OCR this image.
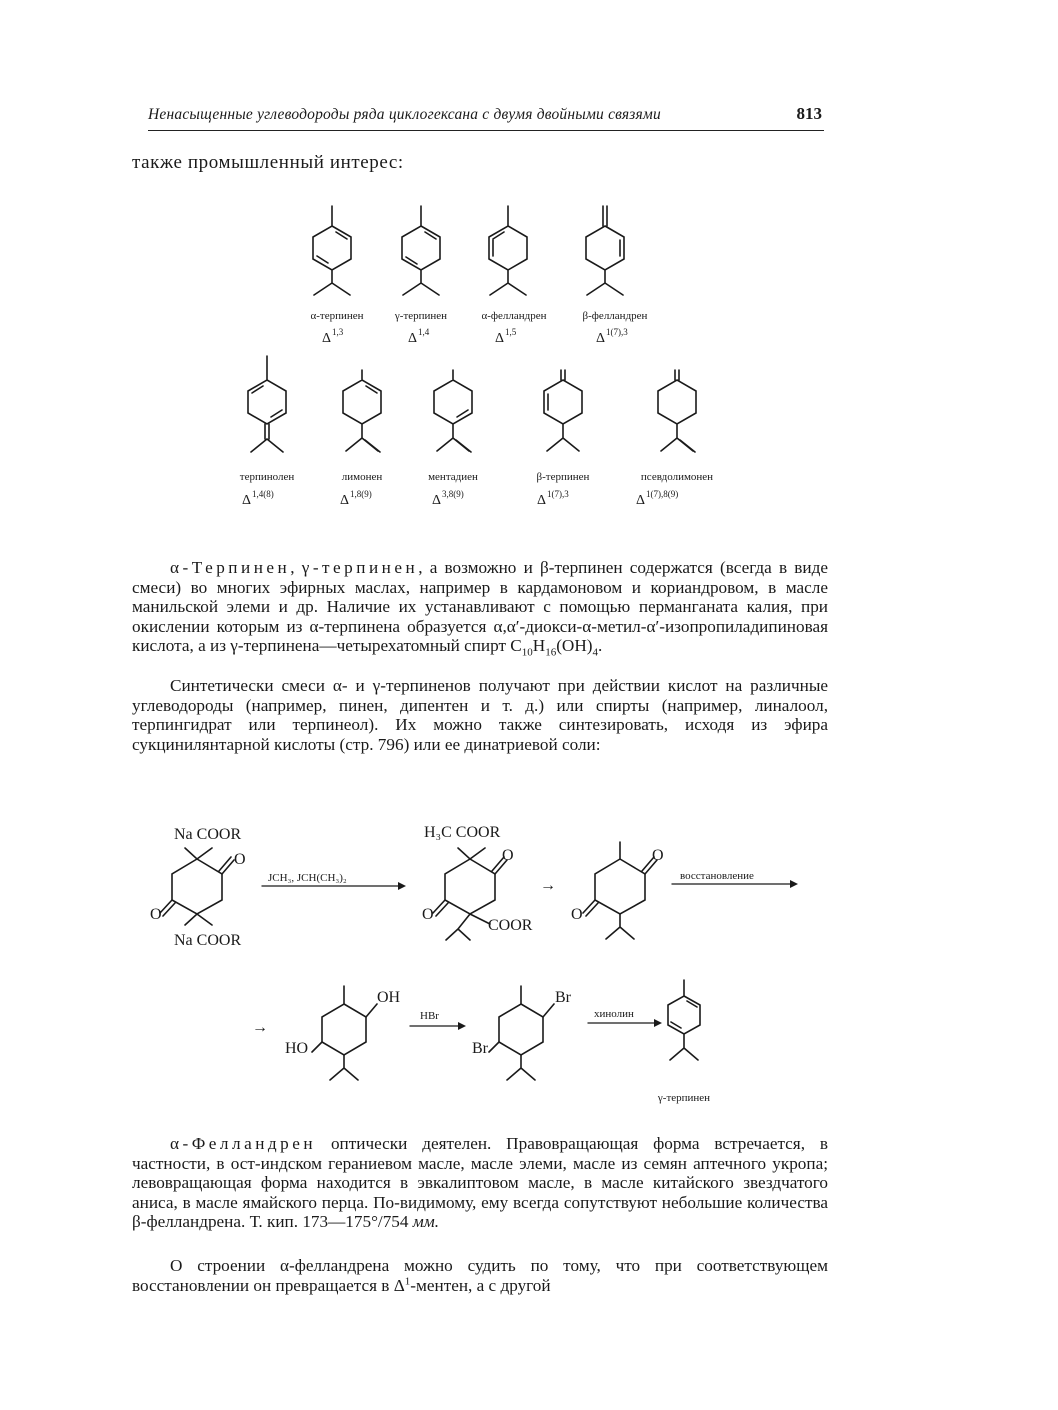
Ненасыщенные углеводороды ряда циклогексана с двумя двойными связями	813
также промышленный интерес:
α-терпинен	γ-терпинен	α-фелландрен	β-фелландрен
Δ 1,3	Δ 1,4	Δ 1,5	Δ 1(7),3
терпинолен	лимонен	ментадиен	β-терпинен	псевдолимонен
Δ 1,4(8)	Δ 1,8(9)	Δ 3,8(9)	Δ 1(7),3	Δ 1(7),8(9)

α-Терпинен, γ-терпинен, а возможно и β-терпинен содержатся (всегда в виде смеси) во многих эфирных маслах, например в кардамоновом и кориандровом, в масле манильской элеми и др. Наличие их устанавливают с помощью перманганата калия, при окислении которым из α-терпинена образуется α,α′-диокси-α-метил-α′-изопропиладипиновая кислота, а из γ-терпинена—четырехатомный спирт $C_{10}H_{16}(OH)_4$.

Синтетически смеси α- и γ-терпиненов получают при действии кислот на различные углеводороды (например, пинен, дипентен и т. д.) или спирты (например, линалоол, терпингидрат или терпинеол). Их можно также синтезировать, исходя из эфира сукцинилянтарной кислоты (стр. 796) или ее динатриевой соли:

Na COOR
O
O
Na COOR
JCH₃, JCH(CH₃)₂
H₃C COOR
O
O
COOR
→
O
O
восстановление
→
OH
HO
HBr
Br
Br
хинолин
γ-терпинен

α-Фелландрен оптически деятелен. Правовращающая форма встречается, в частности, в ост-индском гераниевом масле, масле элеми, масле из семян аптечного укропа; левовращающая форма находится в эвкалиптовом масле, в масле китайского звездчатого аниса, в масле ямайского перца. По-видимому, ему всегда сопутствуют небольшие количества β-фелландрена. Т. кип. 173—175°/754 мм.

О строении α-фелландрена можно судить по тому, что при соответствующем восстановлении он превращается в $\Delta^1$-ментен, а с другой
